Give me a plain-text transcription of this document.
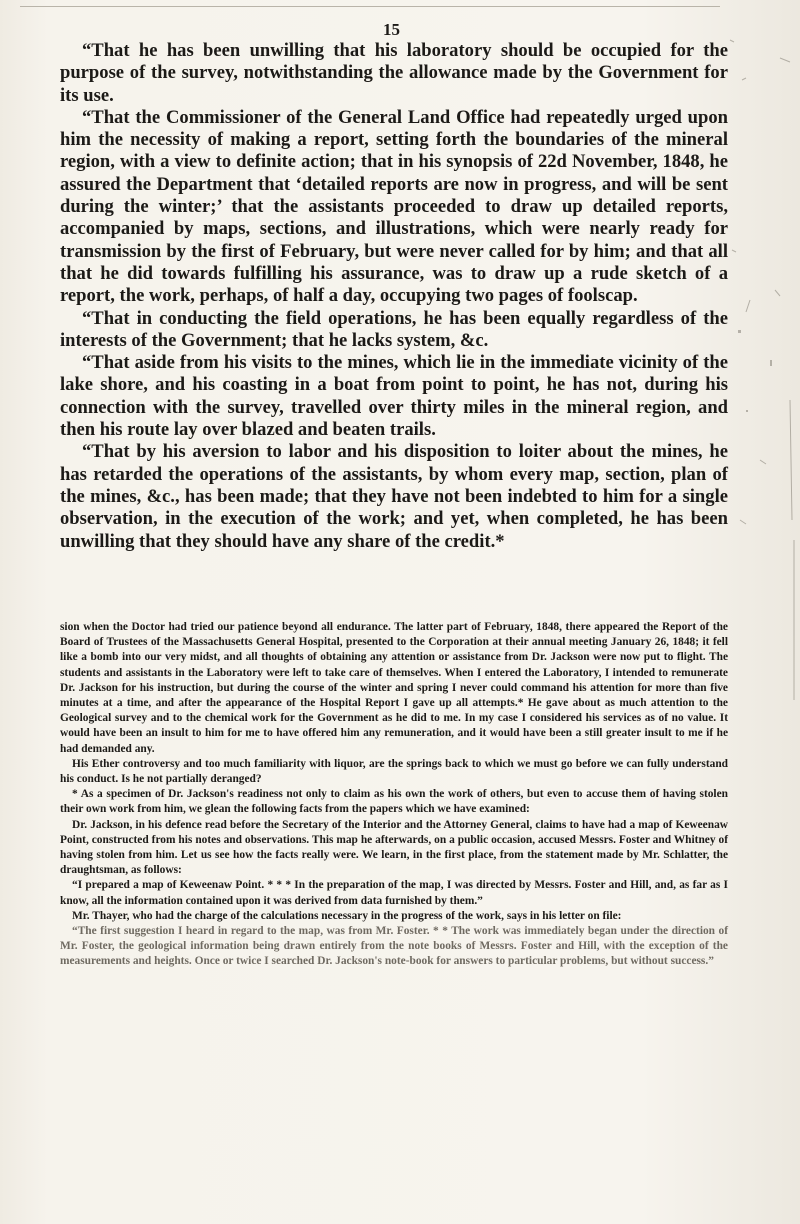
15

“That he has been unwilling that his laboratory should be occupied for the purpose of the survey, notwithstanding the allowance made by the Government for its use.

“That the Commissioner of the General Land Office had repeatedly urged upon him the necessity of making a report, setting forth the boundaries of the mineral region, with a view to definite action; that in his synopsis of 22d November, 1848, he assured the Department that ‘detailed reports are now in progress, and will be sent during the winter;’ that the assistants proceeded to draw up detailed reports, accompanied by maps, sections, and illustrations, which were nearly ready for transmission by the first of February, but were never called for by him; and that all that he did towards fulfilling his assurance, was to draw up a rude sketch of a report, the work, perhaps, of half a day, occupying two pages of foolscap.

“That in conducting the field operations, he has been equally regardless of the interests of the Government; that he lacks system, &c.

“That aside from his visits to the mines, which lie in the immediate vicinity of the lake shore, and his coasting in a boat from point to point, he has not, during his connection with the survey, travelled over thirty miles in the mineral region, and then his route lay over blazed and beaten trails.

“That by his aversion to labor and his disposition to loiter about the mines, he has retarded the operations of the assistants, by whom every map, section, plan of the mines, &c., has been made; that they have not been indebted to him for a single observation, in the execution of the work; and yet, when completed, he has been unwilling that they should have any share of the credit.*

sion when the Doctor had tried our patience beyond all endurance. The latter part of February, 1848, there appeared the Report of the Board of Trustees of the Massachusetts General Hospital, presented to the Corporation at their annual meeting January 26, 1848; it fell like a bomb into our very midst, and all thoughts of obtaining any attention or assistance from Dr. Jackson were now put to flight. The students and assistants in the Laboratory were left to take care of themselves. When I entered the Laboratory, I intended to remunerate Dr. Jackson for his instruction, but during the course of the winter and spring I never could command his attention for more than five minutes at a time, and after the appearance of the Hospital Report I gave up all attempts.* He gave about as much attention to the Geological survey and to the chemical work for the Government as he did to me. In my case I considered his services as of no value. It would have been an insult to him for me to have offered him any remuneration, and it would have been a still greater insult to me if he had demanded any.

His Ether controversy and too much familiarity with liquor, are the springs back to which we must go before we can fully understand his conduct. Is he not partially deranged?

* As a specimen of Dr. Jackson's readiness not only to claim as his own the work of others, but even to accuse them of having stolen their own work from him, we glean the following facts from the papers which we have examined:

Dr. Jackson, in his defence read before the Secretary of the Interior and the Attorney General, claims to have had a map of Keweenaw Point, constructed from his notes and observations. This map he afterwards, on a public occasion, accused Messrs. Foster and Whitney of having stolen from him. Let us see how the facts really were. We learn, in the first place, from the statement made by Mr. Schlatter, the draughtsman, as follows:

“I prepared a map of Keweenaw Point. * * * In the preparation of the map, I was directed by Messrs. Foster and Hill, and, as far as I know, all the information contained upon it was derived from data furnished by them.”

Mr. Thayer, who had the charge of the calculations necessary in the progress of the work, says in his letter on file:

“The first suggestion I heard in regard to the map, was from Mr. Foster. * * The work was immediately began under the direction of Mr. Foster, the geological information being drawn entirely from the note books of Messrs. Foster and Hill, with the exception of the measurements and heights. Once or twice I searched Dr. Jackson's note-book for answers to particular problems, but without success.”
